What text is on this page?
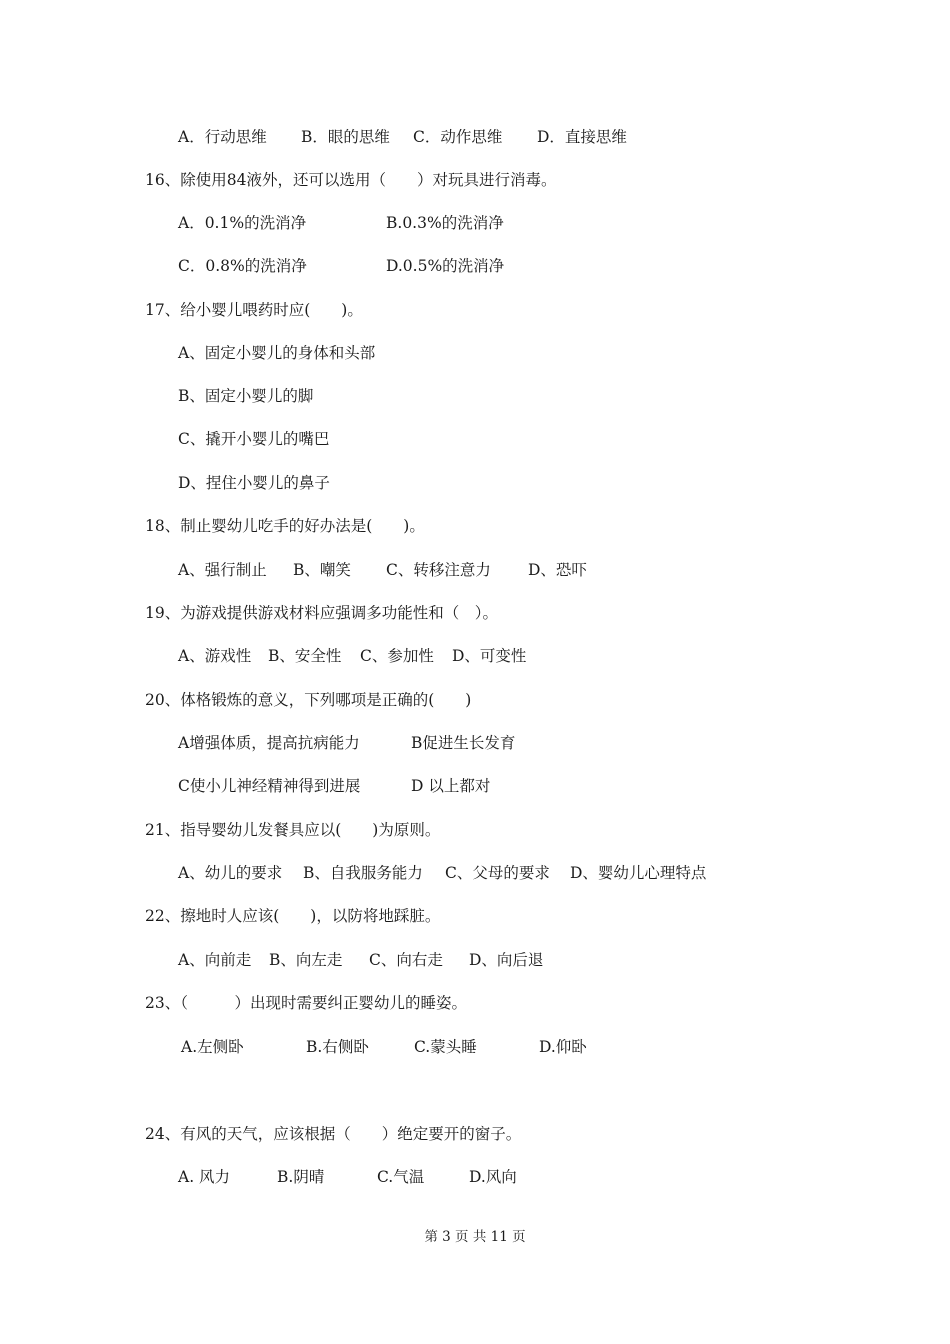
A．行动思维

B．眼的思维

C．动作思维

D．直接思维

16、除使用84液外，还可以选用（　　）对玩具进行消毒。

A．0.1%的洗消净

	B.0.3%的洗消净

C．0.8%的洗消净

	D.0.5%的洗消净

17、给小婴儿喂药时应(　　)。
A、固定小婴儿的身体和头部
B、固定小婴儿的脚
C、撬开小婴儿的嘴巴
D、捏住小婴儿的鼻子
18、制止婴幼儿吃手的好办法是(　　)。

A、强行制止

B、嘲笑

C、转移注意力

D、恐吓

19、为游戏提供游戏材料应强调多功能性和（　）。

A、游戏性

B、安全性

C、参加性

D、可变性

20、体格锻炼的意义，下列哪项是正确的(　　)

A增强体质，提高抗病能力

	B促进生长发育

C使小儿神经精神得到进展

	D 以上都对

21、指导婴幼儿发餐具应以(　　)为原则。

A、幼儿的要求

B、自我服务能力

C、父母的要求

D、婴幼儿心理特点

22、擦地时人应该(　　)，以防将地踩脏。

A、向前走

B、向左走

C、向右走

D、向后退

23、（　　　）出现时需要纠正婴幼儿的睡姿。

A.左侧卧

	B.右侧卧

	C.蒙头睡

	D.仰卧

24、有风的天气，应该根据（　　）绝定要开的窗子。

A. 风力

	B.阴晴

	C.气温

	D.风向

第 3 页 共 11 页
